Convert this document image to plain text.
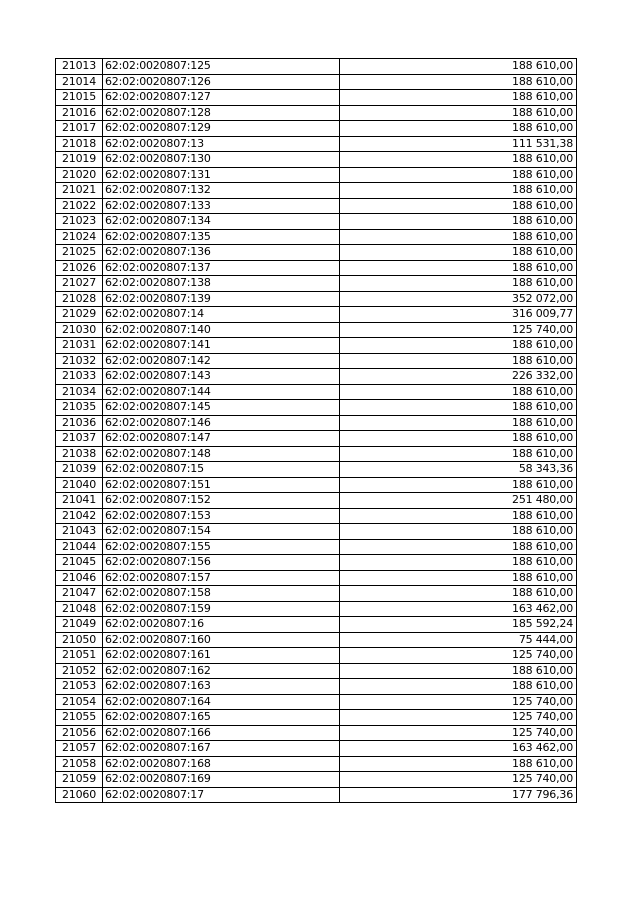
21013	62:02:0020807:125	188 610,00
21014	62:02:0020807:126	188 610,00
21015	62:02:0020807:127	188 610,00
21016	62:02:0020807:128	188 610,00
21017	62:02:0020807:129	188 610,00
21018	62:02:0020807:13	111 531,38
21019	62:02:0020807:130	188 610,00
21020	62:02:0020807:131	188 610,00
21021	62:02:0020807:132	188 610,00
21022	62:02:0020807:133	188 610,00
21023	62:02:0020807:134	188 610,00
21024	62:02:0020807:135	188 610,00
21025	62:02:0020807:136	188 610,00
21026	62:02:0020807:137	188 610,00
21027	62:02:0020807:138	188 610,00
21028	62:02:0020807:139	352 072,00
21029	62:02:0020807:14	316 009,77
21030	62:02:0020807:140	125 740,00
21031	62:02:0020807:141	188 610,00
21032	62:02:0020807:142	188 610,00
21033	62:02:0020807:143	226 332,00
21034	62:02:0020807:144	188 610,00
21035	62:02:0020807:145	188 610,00
21036	62:02:0020807:146	188 610,00
21037	62:02:0020807:147	188 610,00
21038	62:02:0020807:148	188 610,00
21039	62:02:0020807:15	58 343,36
21040	62:02:0020807:151	188 610,00
21041	62:02:0020807:152	251 480,00
21042	62:02:0020807:153	188 610,00
21043	62:02:0020807:154	188 610,00
21044	62:02:0020807:155	188 610,00
21045	62:02:0020807:156	188 610,00
21046	62:02:0020807:157	188 610,00
21047	62:02:0020807:158	188 610,00
21048	62:02:0020807:159	163 462,00
21049	62:02:0020807:16	185 592,24
21050	62:02:0020807:160	75 444,00
21051	62:02:0020807:161	125 740,00
21052	62:02:0020807:162	188 610,00
21053	62:02:0020807:163	188 610,00
21054	62:02:0020807:164	125 740,00
21055	62:02:0020807:165	125 740,00
21056	62:02:0020807:166	125 740,00
21057	62:02:0020807:167	163 462,00
21058	62:02:0020807:168	188 610,00
21059	62:02:0020807:169	125 740,00
21060	62:02:0020807:17	177 796,36
